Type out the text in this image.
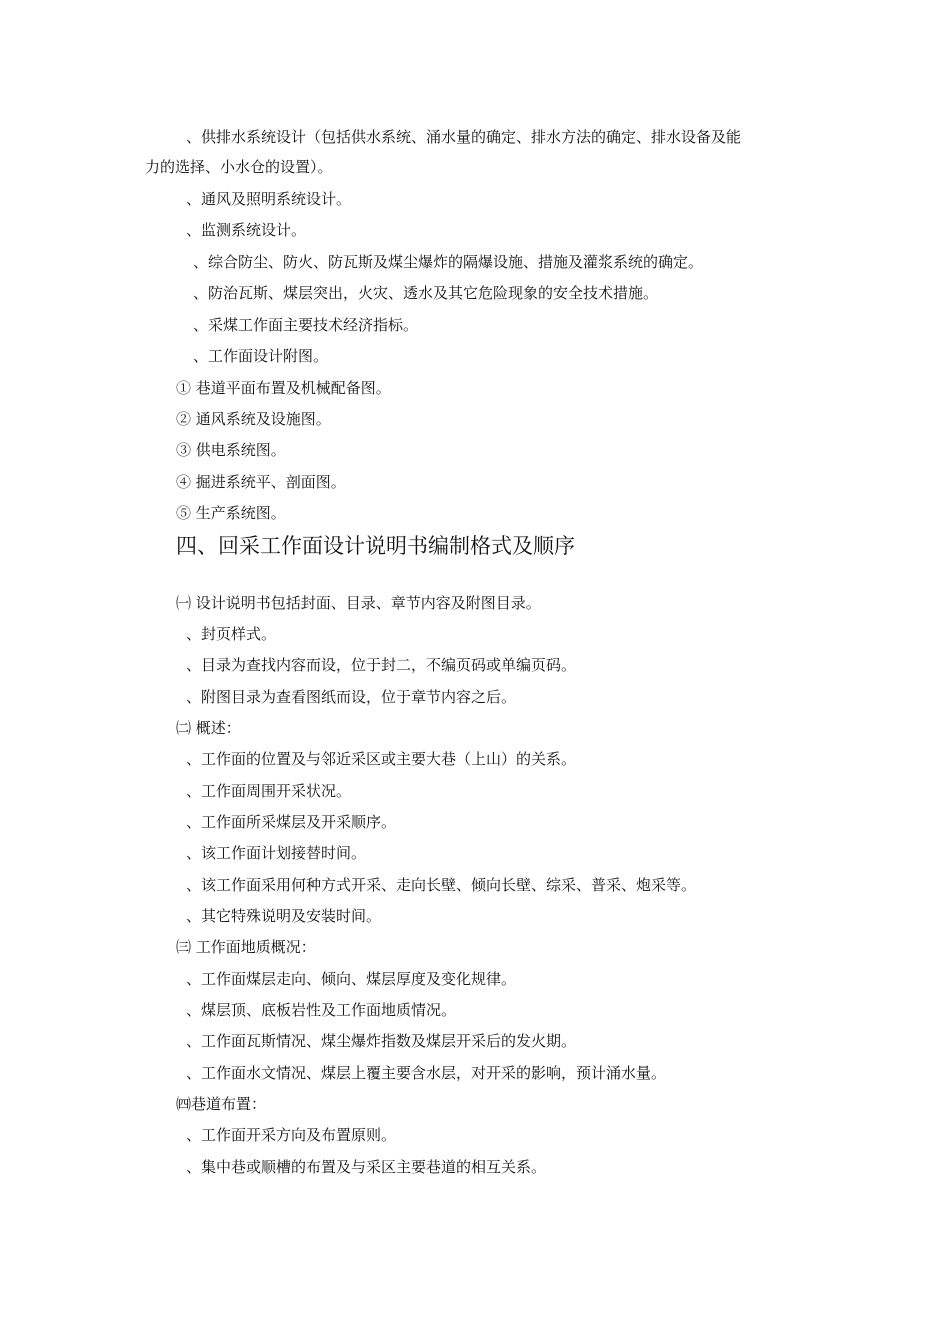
、供排水系统设计（包括供水系统、涌水量的确定、排水方法的确定、排水设备及能
力的选择、小水仓的设置）。
、通风及照明系统设计。
、监测系统设计。
、综合防尘、防火、防瓦斯及煤尘爆炸的隔爆设施、措施及灌浆系统的确定。
、防治瓦斯、煤层突出，火灾、透水及其它危险现象的安全技术措施。
、采煤工作面主要技术经济指标。
、工作面设计附图。
① 巷道平面布置及机械配备图。
② 通风系统及设施图。
③ 供电系统图。
④ 掘进系统平、剖面图。
⑤ 生产系统图。
四、回采工作面设计说明书编制格式及顺序
㈠ 设计说明书包括封面、目录、章节内容及附图目录。
、封页样式。
、目录为查找内容而设，位于封二，不编页码或单编页码。
、附图目录为查看图纸而设，位于章节内容之后。
㈡ 概述：
、工作面的位置及与邻近采区或主要大巷（上山）的关系。
、工作面周围开采状况。
、工作面所采煤层及开采顺序。
、该工作面计划接替时间。
、该工作面采用何种方式开采、走向长壁、倾向长壁、综采、普采、炮采等。
、其它特殊说明及安装时间。
㈢ 工作面地质概况：
、工作面煤层走向、倾向、煤层厚度及变化规律。
、煤层顶、底板岩性及工作面地质情况。
、工作面瓦斯情况、煤尘爆炸指数及煤层开采后的发火期。
、工作面水文情况、煤层上覆主要含水层，对开采的影响，预计涌水量。
㈣巷道布置：
、工作面开采方向及布置原则。
、集中巷或顺槽的布置及与采区主要巷道的相互关系。
